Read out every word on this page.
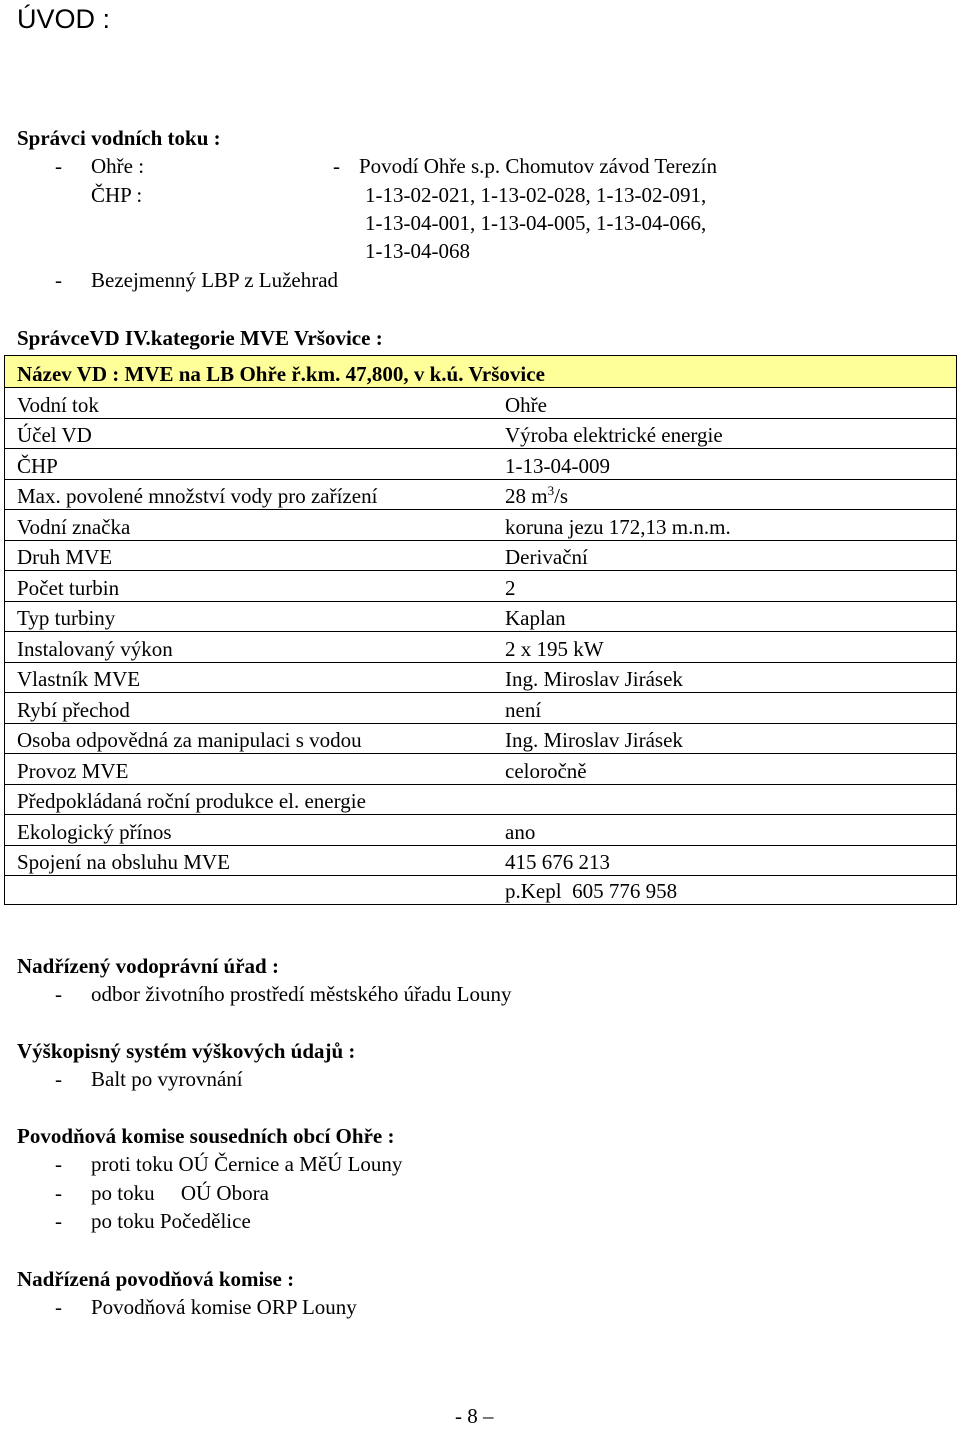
ÚVOD :
Správci vodních toku :
- Ohře :	- Povodí Ohře s.p. Chomutov závod Terezín
ČHP :	1-13-02-021, 1-13-02-028, 1-13-02-091,
1-13-04-001, 1-13-04-005, 1-13-04-066,
1-13-04-068
- Bezejmenný LBP z Lužehrad
SprávceVD IV.kategorie MVE Vršovice :
Název VD : MVE na LB Ohře ř.km. 47,800, v k.ú. Vršovice	
Vodní tok	Ohře
Účel VD	Výroba elektrické energie
ČHP	1-13-04-009
Max. povolené množství vody pro zařízení	28 $m^3/s$
Vodní značka	koruna jezu 172,13 m.n.m.
Druh MVE	Derivační
Počet turbin	2
Typ turbiny	Kaplan
Instalovaný výkon	2 x 195 kW
Vlastník MVE	Ing. Miroslav Jirásek
Rybí přechod	není
Osoba odpovědná za manipulaci s vodou	Ing. Miroslav Jirásek
Provoz MVE	celoročně
Předpokládaná roční produkce el. energie	
Ekologický přínos	ano
Spojení na obsluhu MVE	415 676 213
	p.Kepl  605 776 958
Nadřízený vodoprávní úřad :
- odbor životního prostředí městského úřadu Louny
Výškopisný systém výškových údajů :
- Balt po vyrovnání
Povodňová komise sousedních obcí Ohře :
- proti toku OÚ Černice a MěÚ Louny
- po toku     OÚ Obora
- po toku Počedělice
Nadřízená povodňová komise :
- Povodňová komise ORP Louny
- 8 –
